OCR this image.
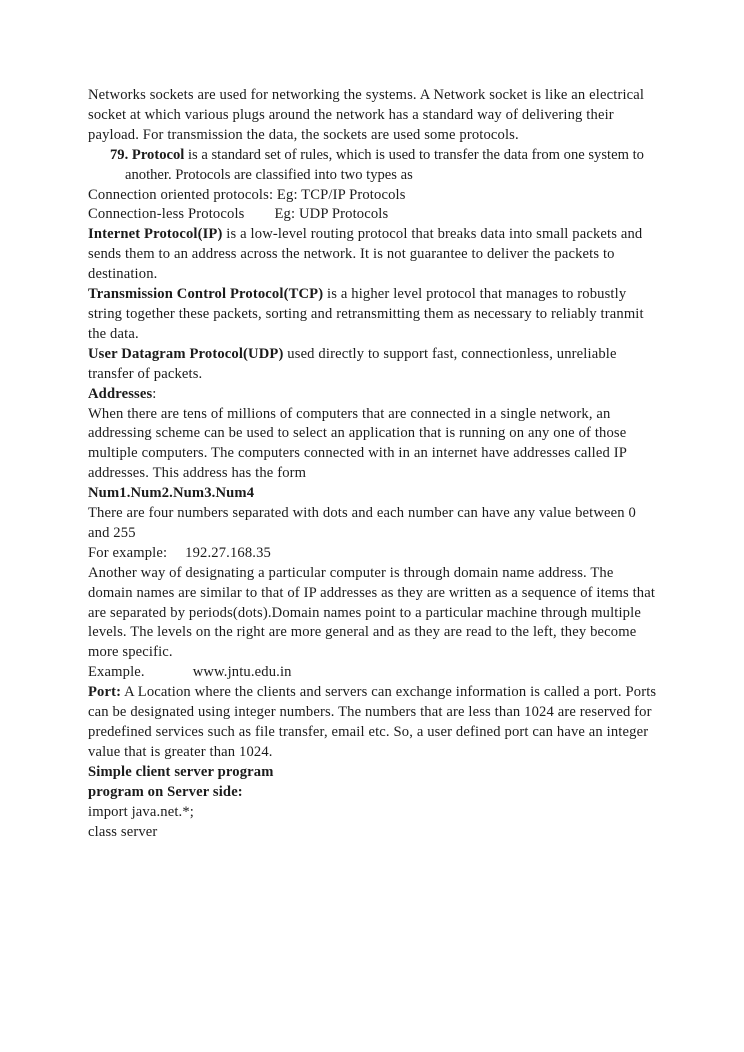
Networks sockets are used for networking the systems. A Network socket is like an electrical socket at which various plugs around the network has a standard way of delivering their payload. For transmission the data, the sockets are used some protocols.

79. Protocol is a standard set of rules, which is used to transfer the data from one system to another. Protocols are classified into two types as

Connection oriented protocols: Eg: TCP/IP Protocols
Connection-less Protocols Eg: UDP Protocols

Internet Protocol(IP) is a low-level routing protocol that breaks data into small packets and sends them to an address across the network. It is not guarantee to deliver the packets to destination.

Transmission Control Protocol(TCP) is a higher level protocol that manages to robustly string together these packets, sorting and retransmitting them as necessary to reliably tranmit the data.

User Datagram Protocol(UDP) used directly to support fast, connectionless, unreliable transfer of packets.

Addresses:

When there are tens of millions of computers that are connected in a single network, an addressing scheme can be used to select an application that is running on any one of those multiple computers. The computers connected with in an internet have addresses called IP addresses. This address has the form

Num1.Num2.Num3.Num4

There are four numbers separated with dots and each number can have any value between 0 and 255

For example: 192.27.168.35

Another way of designating a particular computer is through domain name address. The domain names are similar to that of IP addresses as they are written as a sequence of items that are separated by periods(dots).Domain names point to a particular machine through multiple levels. The levels on the right are more general and as they are read to the left, they become more specific.

Example.	www.jntu.edu.in

Port: A Location where the clients and servers can exchange information is called a port. Ports can be designated using integer numbers. The numbers that are less than 1024 are reserved for predefined services such as file transfer, email etc. So, a user defined port can have an integer value that is greater than 1024.

Simple client server program

program on Server side:

import java.net.*;
class server
